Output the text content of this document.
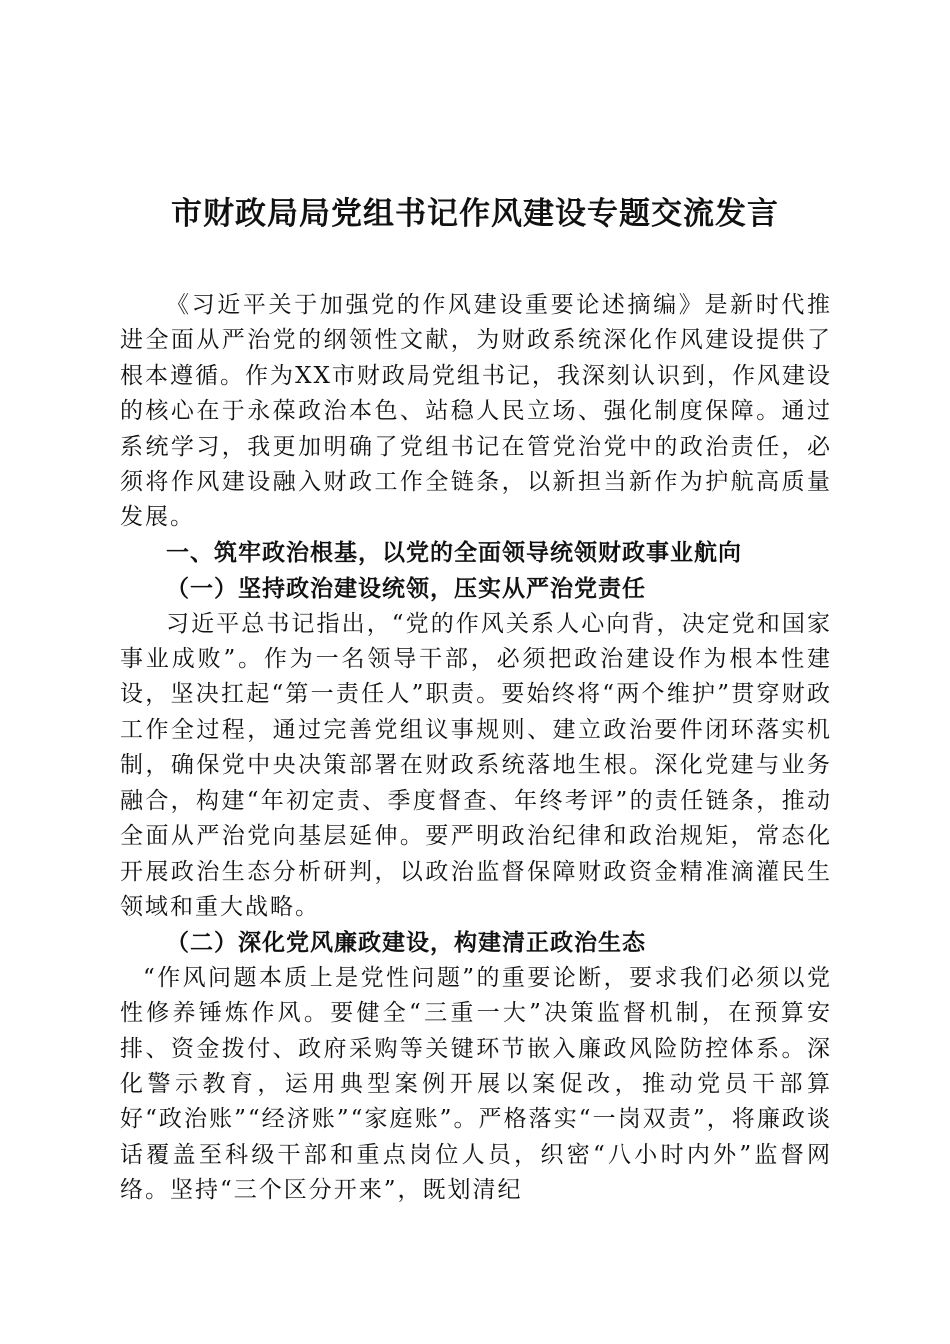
市财政局局党组书记作风建设专题交流发言

《习近平关于加强党的作风建设重要论述摘编》是新时代推进全面从严治党的纲领性文献，为财政系统深化作风建设提供了根本遵循。作为XX市财政局党组书记，我深刻认识到，作风建设的核心在于永葆政治本色、站稳人民立场、强化制度保障。通过系统学习，我更加明确了党组书记在管党治党中的政治责任，必须将作风建设融入财政工作全链条，以新担当新作为护航高质量发展。

一、筑牢政治根基，以党的全面领导统领财政事业航向

（一）坚持政治建设统领，压实从严治党责任

习近平总书记指出，“党的作风关系人心向背，决定党和国家事业成败”。作为一名领导干部，必须把政治建设作为根本性建设，坚决扛起“第一责任人”职责。要始终将“两个维护”贯穿财政工作全过程，通过完善党组议事规则、建立政治要件闭环落实机制，确保党中央决策部署在财政系统落地生根。深化党建与业务融合，构建“年初定责、季度督查、年终考评”的责任链条，推动全面从严治党向基层延伸。要严明政治纪律和政治规矩，常态化开展政治生态分析研判，以政治监督保障财政资金精准滴灌民生领域和重大战略。

（二）深化党风廉政建设，构建清正政治生态

“作风问题本质上是党性问题”的重要论断，要求我们必须以党性修养锤炼作风。要健全“三重一大”决策监督机制，在预算安排、资金拨付、政府采购等关键环节嵌入廉政风险防控体系。深化警示教育，运用典型案例开展以案促改，推动党员干部算好“政治账”“经济账”“家庭账”。严格落实“一岗双责”，将廉政谈话覆盖至科级干部和重点岗位人员，织密“八小时内外”监督网络。坚持“三个区分开来”，既划清纪
